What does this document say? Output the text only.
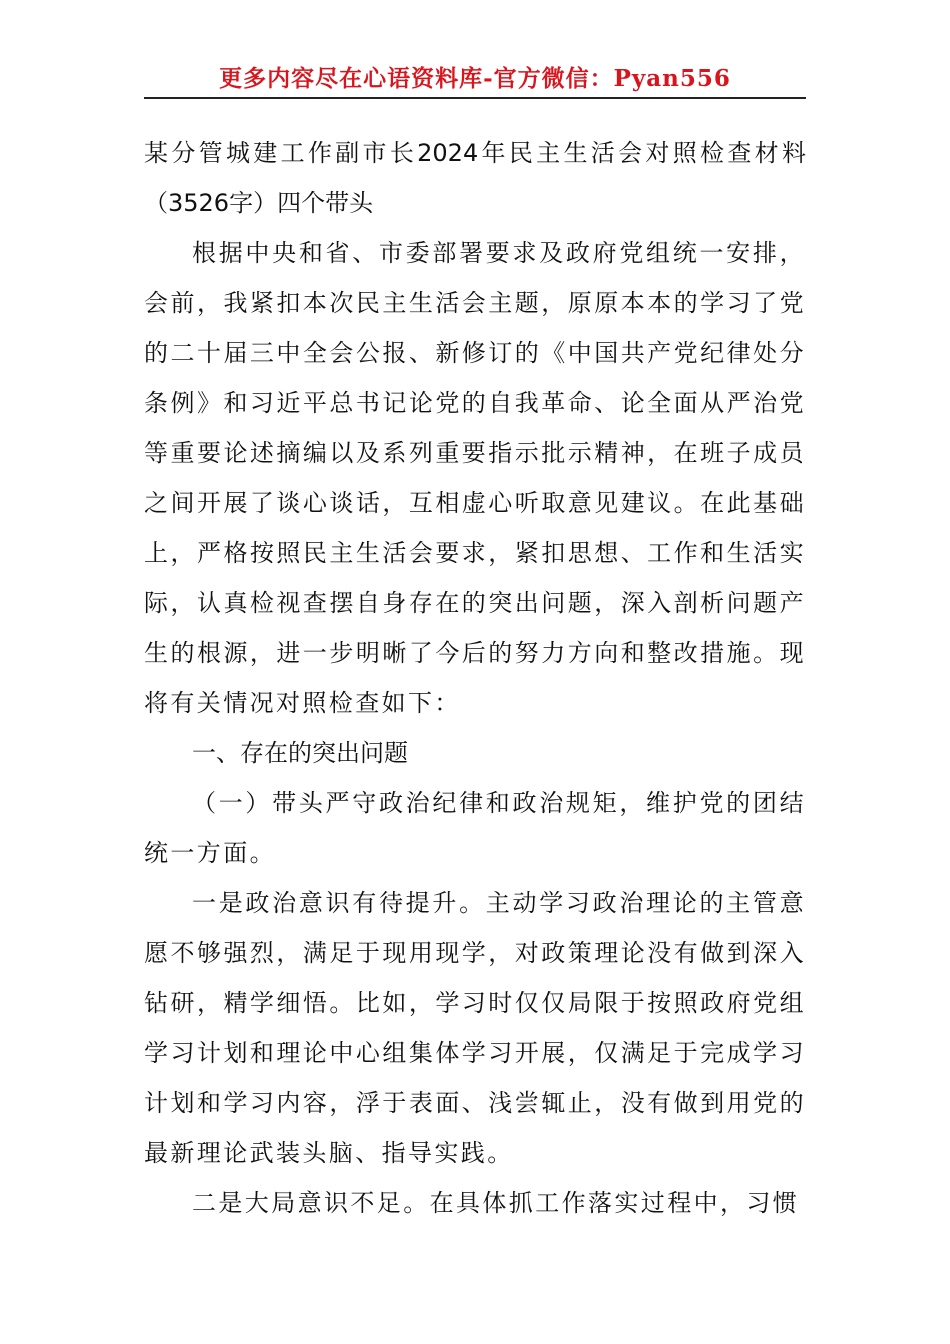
更多内容尽在心语资料库-官方微信：Pyan556
某分管城建工作副市长2024年民主生活会对照检查材料（3526字）四个带头

根据中央和省、市委部署要求及政府党组统一安排，会前，我紧扣本次民主生活会主题，原原本本的学习了党的二十届三中全会公报、新修订的《中国共产党纪律处分条例》和习近平总书记论党的自我革命、论全面从严治党等重要论述摘编以及系列重要指示批示精神，在班子成员之间开展了谈心谈话，互相虚心听取意见建议。在此基础上，严格按照民主生活会要求，紧扣思想、工作和生活实际，认真检视查摆自身存在的突出问题，深入剖析问题产生的根源，进一步明晰了今后的努力方向和整改措施。现将有关情况对照检查如下：

一、存在的突出问题

（一）带头严守政治纪律和政治规矩，维护党的团结统一方面。

一是政治意识有待提升。主动学习政治理论的主管意愿不够强烈，满足于现用现学，对政策理论没有做到深入钻研，精学细悟。比如，学习时仅仅局限于按照政府党组学习计划和理论中心组集体学习开展，仅满足于完成学习计划和学习内容，浮于表面、浅尝辄止，没有做到用党的最新理论武装头脑、指导实践。

二是大局意识不足。在具体抓工作落实过程中，习惯
